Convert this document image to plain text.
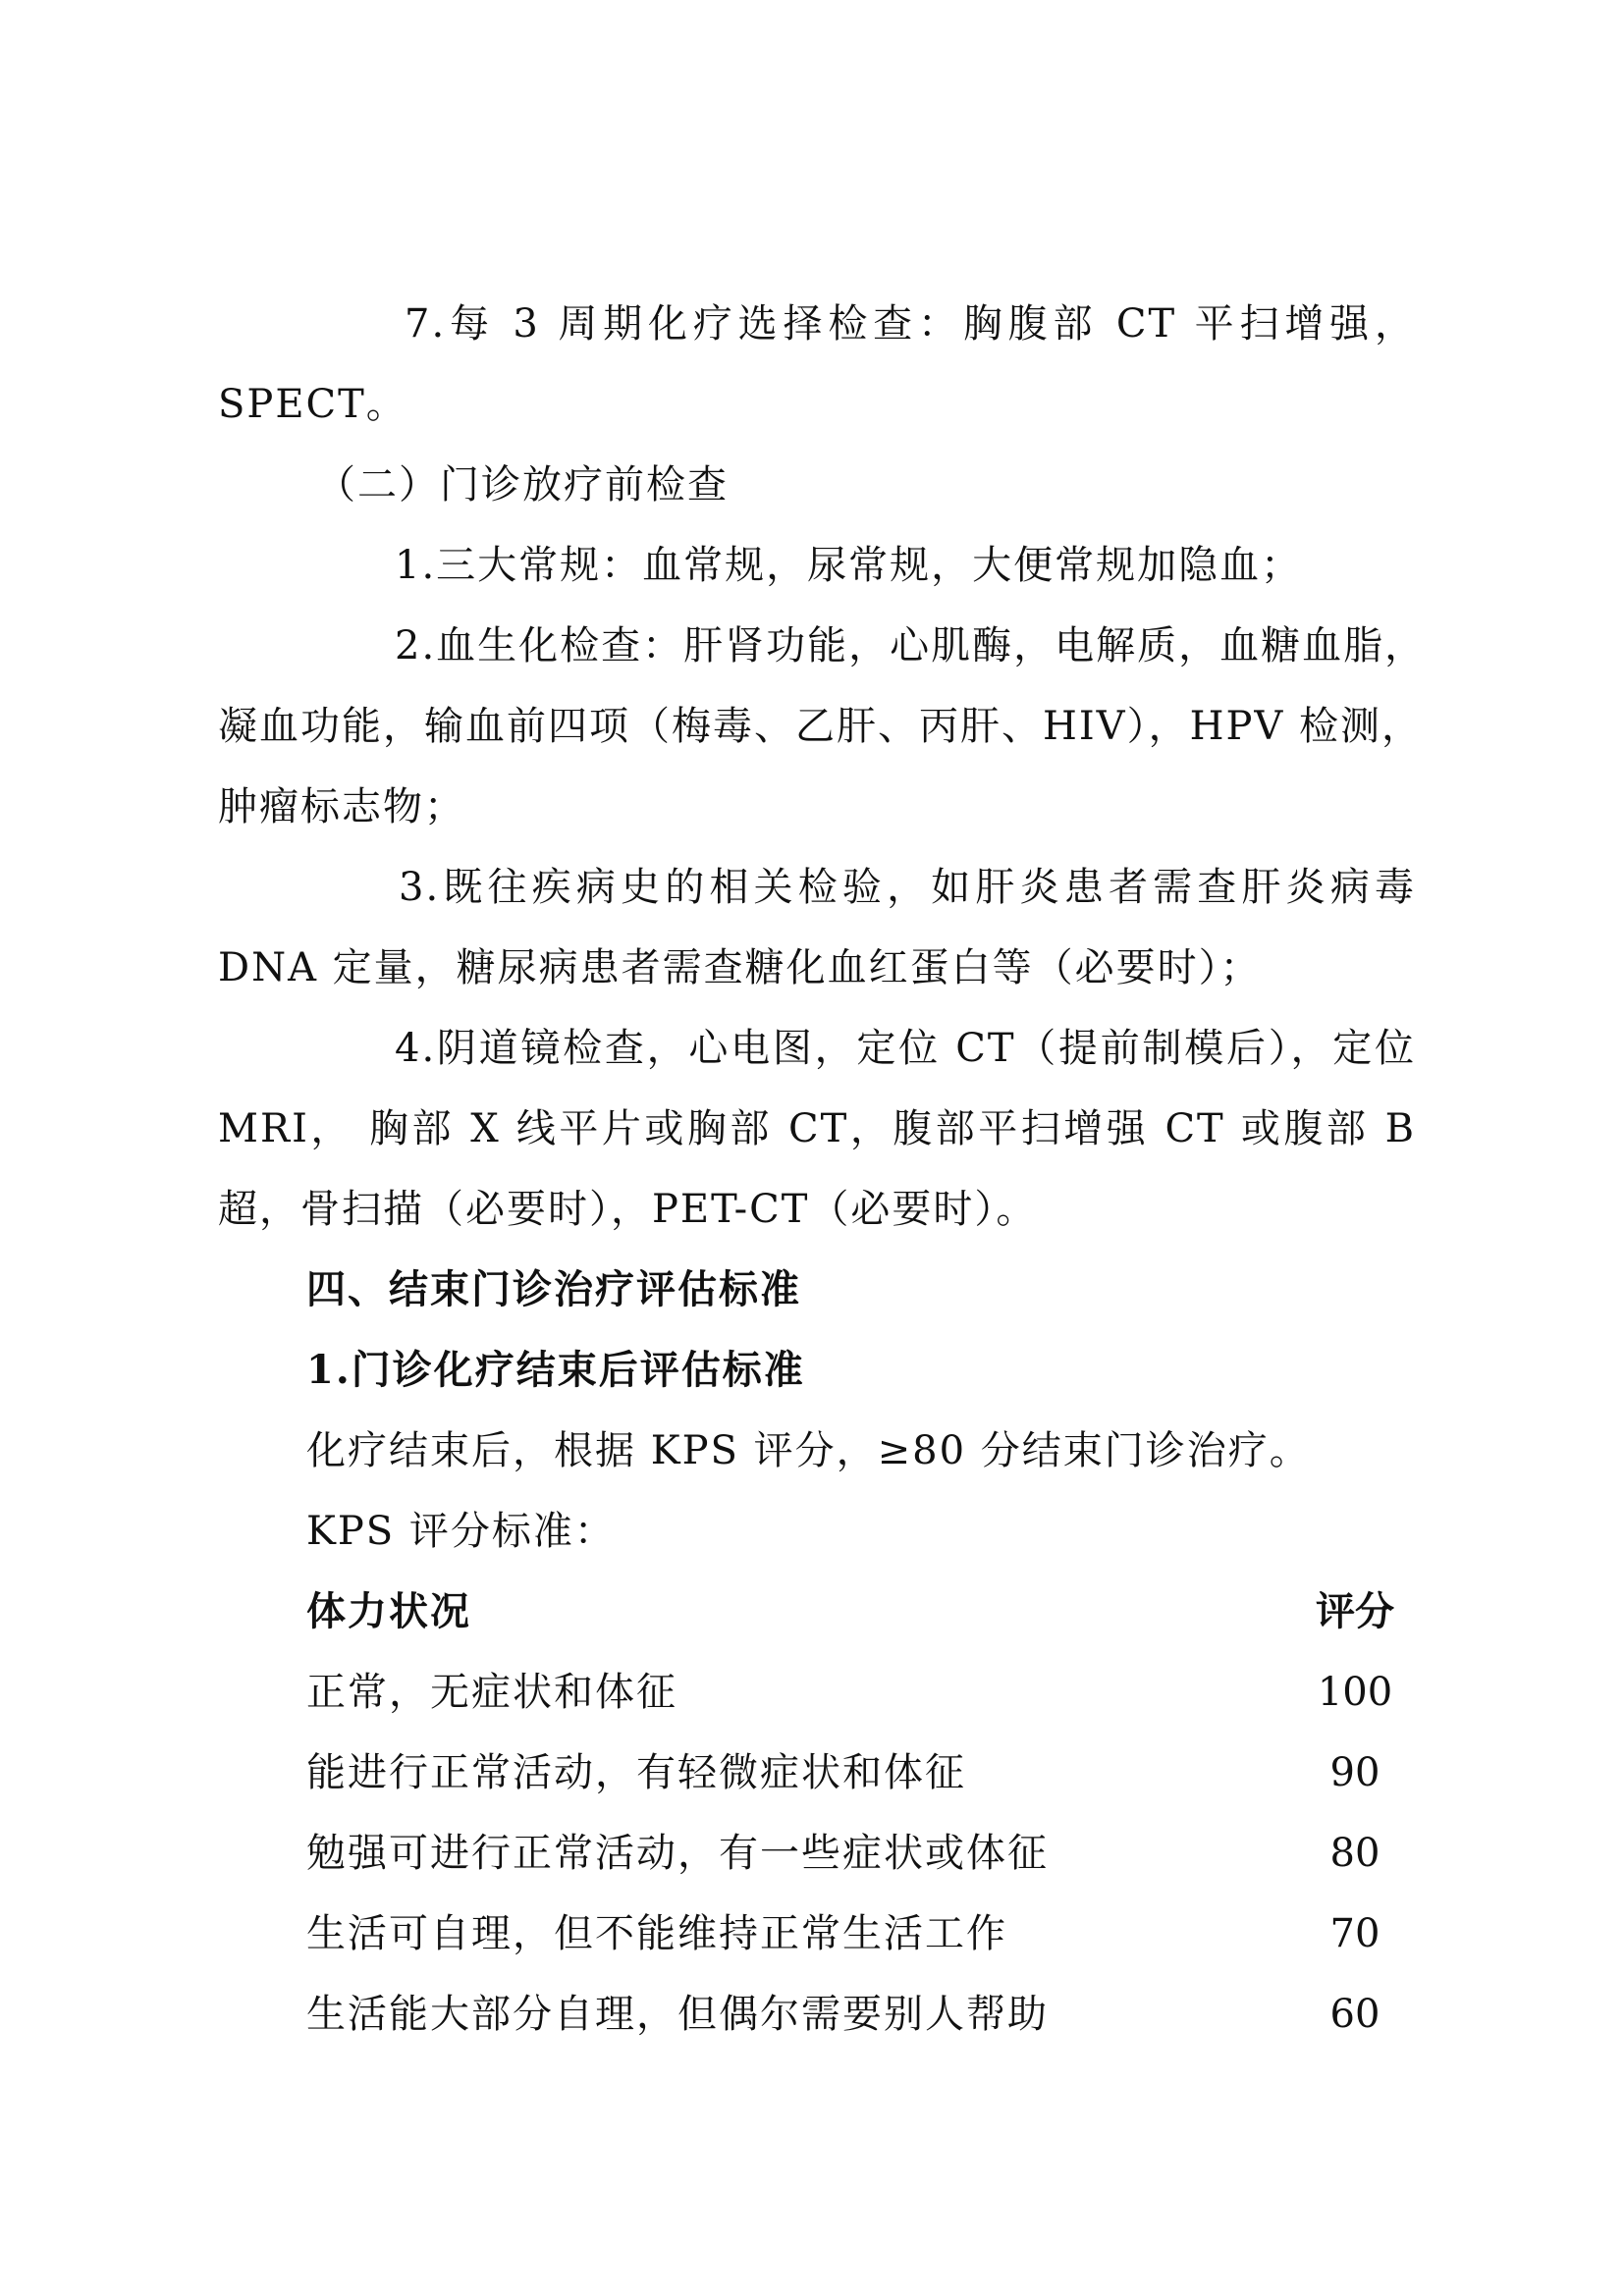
7.每 3 周期化疗选择检查：胸腹部 CT 平扫增强，
SPECT。
（二）门诊放疗前检查
1.三大常规：血常规，尿常规，大便常规加隐血；
2.血生化检查：肝肾功能，心肌酶，电解质，血糖血脂，
凝血功能，输血前四项（梅毒、乙肝、丙肝、HIV），HPV 检测，
肿瘤标志物；
3.既往疾病史的相关检验，如肝炎患者需查肝炎病毒
DNA 定量，糖尿病患者需查糖化血红蛋白等（必要时）；
4.阴道镜检查，心电图，定位 CT（提前制模后），定位
MRI， 胸部 X 线平片或胸部 CT，腹部平扫增强 CT 或腹部 B
超，骨扫描（必要时），PET-CT（必要时）。
四、结束门诊治疗评估标准
1.门诊化疗结束后评估标准
化疗结束后，根据 KPS 评分，≥80 分结束门诊治疗。
KPS 评分标准：
体力状况	评分
正常，无症状和体征	100
能进行正常活动，有轻微症状和体征	90
勉强可进行正常活动，有一些症状或体征	80
生活可自理，但不能维持正常生活工作	70
生活能大部分自理，但偶尔需要别人帮助	60
